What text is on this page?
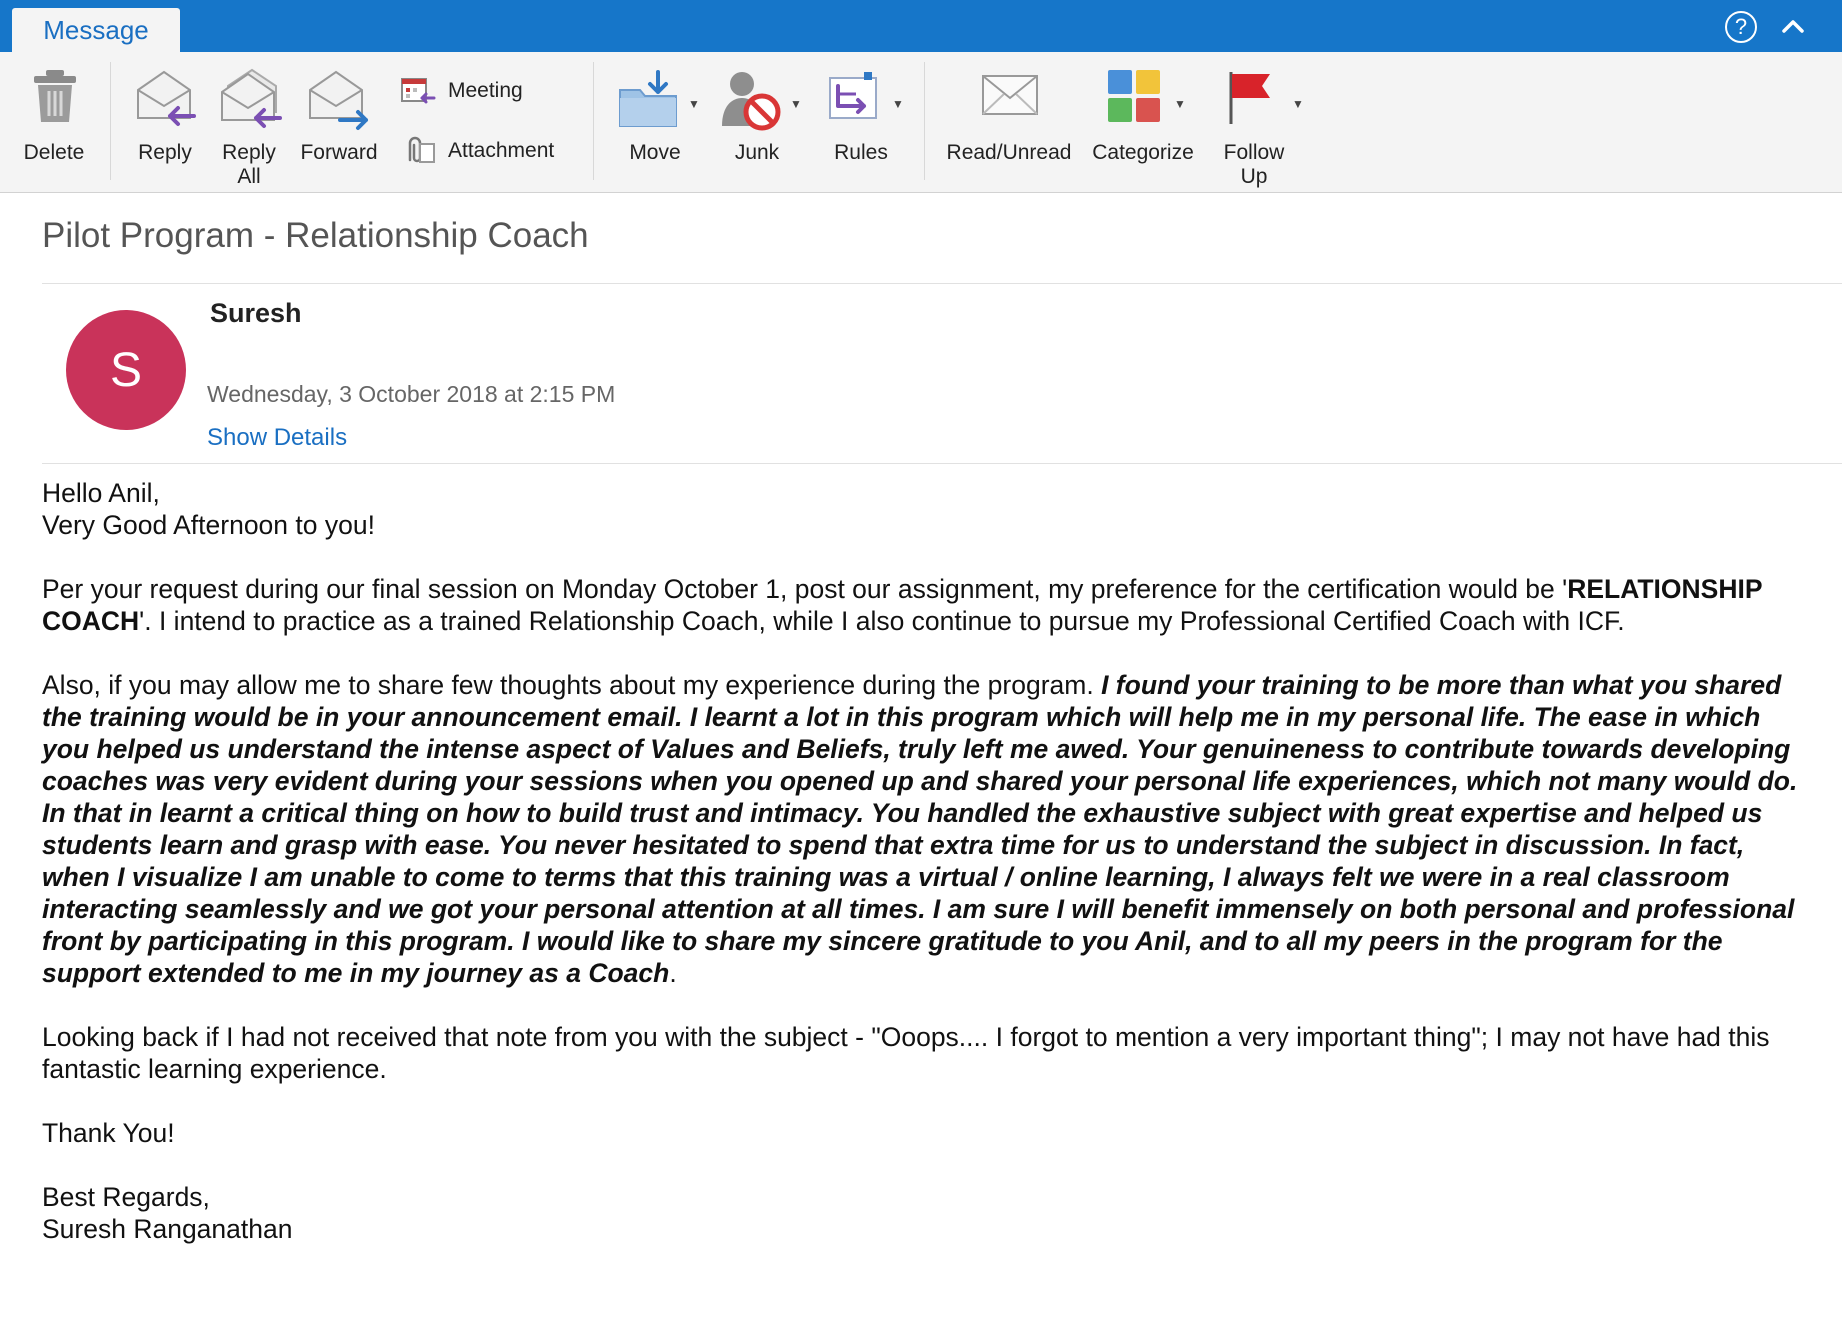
Message	?
Delete	Reply	Reply
All
Forward
Meeting
Attachment
▼
Move
▼
Junk
▼
Rules	Read/Unread
▼
Categorize
▼
Follow
Up
Pilot Program - Relationship Coach
S
Suresh
Wednesday, 3 October 2018 at 2:15 PM
Show Details

Hello Anil,

Very Good Afternoon to you!

Per your request during our final session on Monday October 1, post our assignment, my preference for the certification would be 'RELATIONSHIP COACH'. I intend to practice as a trained Relationship Coach, while I also continue to pursue my Professional Certified Coach with ICF.

Also, if you may allow me to share few thoughts about my experience during the program. I found your training to be more than what you shared the training would be in your announcement email. I learnt a lot in this program which will help me in my personal life. The ease in which you helped us understand the intense aspect of Values and Beliefs, truly left me awed. Your genuineness to contribute towards developing coaches was very evident during your sessions when you opened up and shared your personal life experiences, which not many would do. In that in learnt a critical thing on how to build trust and intimacy. You handled the exhaustive subject with great expertise and helped us students learn and grasp with ease. You never hesitated to spend that extra time for us to understand the subject in discussion. In fact, when I visualize I am unable to come to terms that this training was a virtual / online learning, I always felt we were in a real classroom interacting seamlessly and we got your personal attention at all times. I am sure I will benefit immensely on both personal and professional front by participating in this program. I would like to share my sincere gratitude to you Anil, and to all my peers in the program for the support extended to me in my journey as a Coach.

Looking back if I had not received that note from you with the subject - "Ooops.... I forgot to mention a very important thing"; I may not have had this fantastic learning experience.

Thank You!

Best Regards,

Suresh Ranganathan
